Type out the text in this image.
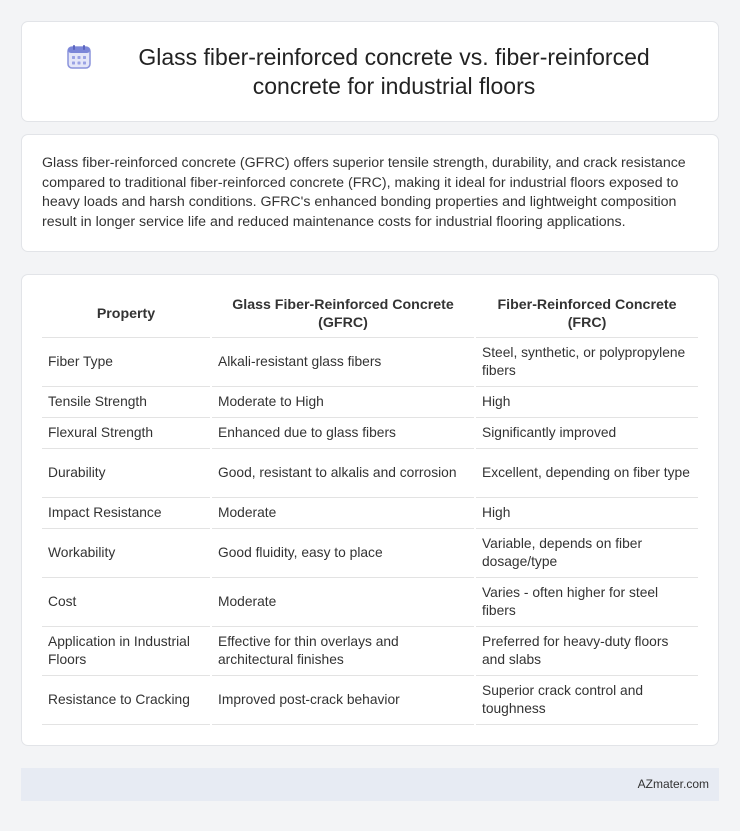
Glass fiber-reinforced concrete vs. fiber-reinforced concrete for industrial floors

Glass fiber-reinforced concrete (GFRC) offers superior tensile strength, durability, and crack resistance compared to traditional fiber-reinforced concrete (FRC), making it ideal for industrial floors exposed to heavy loads and harsh conditions. GFRC's enhanced bonding properties and lightweight composition result in longer service life and reduced maintenance costs for industrial flooring applications.

Property	Glass Fiber-Reinforced Concrete (GFRC)	Fiber-Reinforced Concrete (FRC)
Fiber Type	Alkali-resistant glass fibers	Steel, synthetic, or polypropylene fibers
Tensile Strength	Moderate to High	High
Flexural Strength	Enhanced due to glass fibers	Significantly improved
Durability	Good, resistant to alkalis and corrosion	Excellent, depending on fiber type
Impact Resistance	Moderate	High
Workability	Good fluidity, easy to place	Variable, depends on fiber dosage/type
Cost	Moderate	Varies - often higher for steel fibers
Application in Industrial Floors	Effective for thin overlays and architectural finishes	Preferred for heavy-duty floors and slabs
Resistance to Cracking	Improved post-crack behavior	Superior crack control and toughness
AZmater.com
